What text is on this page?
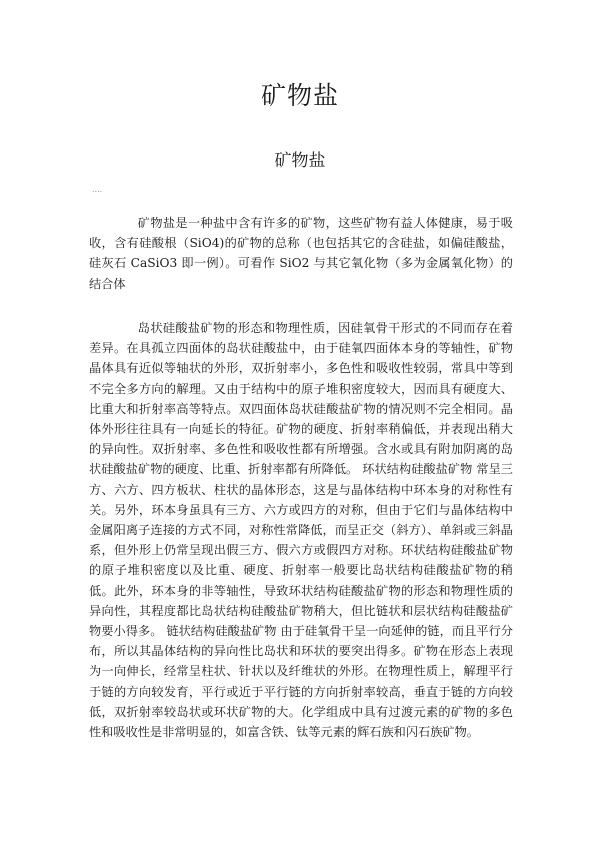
矿物盐
矿物盐
....

矿物盐是一种盐中含有许多的矿物，这些矿物有益人体健康，易于吸收，含有硅酸根（SiO4)的矿物的总称（也包括其它的含硅盐，如偏硅酸盐，硅灰石 CaSiO3 即一例）。可看作 SiO2 与其它氧化物（多为金属氧化物）的结合体

岛状硅酸盐矿物的形态和物理性质，因硅氧骨干形式的不同而存在着差异。在具孤立四面体的岛状硅酸盐中，由于硅氧四面体本身的等轴性，矿物晶体具有近似等轴状的外形，双折射率小，多色性和吸收性较弱，常具中等到不完全多方向的解理。又由于结构中的原子堆积密度较大，因而具有硬度大、比重大和折射率高等特点。双四面体岛状硅酸盐矿物的情况则不完全相同。晶体外形往往具有一向延长的特征。矿物的硬度、折射率稍偏低，并表现出稍大的异向性。双折射率、多色性和吸收性都有所增强。含水或具有附加阴离的岛状硅酸盐矿物的硬度、比重、折射率都有所降低。 环状结构硅酸盐矿物 常呈三方、六方、四方板状、柱状的晶体形态，这是与晶体结构中环本身的对称性有关。另外，环本身虽具有三方、六方或四方的对称，但由于它们与晶体结构中金属阳离子连接的方式不同，对称性常降低，而呈正交（斜方）、单斜或三斜晶系，但外形上仍常呈现出假三方、假六方或假四方对称。环状结构硅酸盐矿物的原子堆积密度以及比重、硬度、折射率一般要比岛状结构硅酸盐矿物的稍低。此外，环本身的非等轴性，导致环状结构硅酸盐矿物的形态和物理性质的异向性，其程度都比岛状结构硅酸盐矿物稍大，但比链状和层状结构硅酸盐矿物要小得多。 链状结构硅酸盐矿物 由于硅氧骨干呈一向延伸的链，而且平行分布，所以其晶体结构的异向性比岛状和环状的要突出得多。矿物在形态上表现为一向伸长，经常呈柱状、针状以及纤维状的外形。在物理性质上，解理平行于链的方向较发育，平行或近于平行链的方向折射率较高，垂直于链的方向较低，双折射率较岛状或环状矿物的大。化学组成中具有过渡元素的矿物的多色性和吸收性是非常明显的，如富含铁、钛等元素的辉石族和闪石族矿物。
